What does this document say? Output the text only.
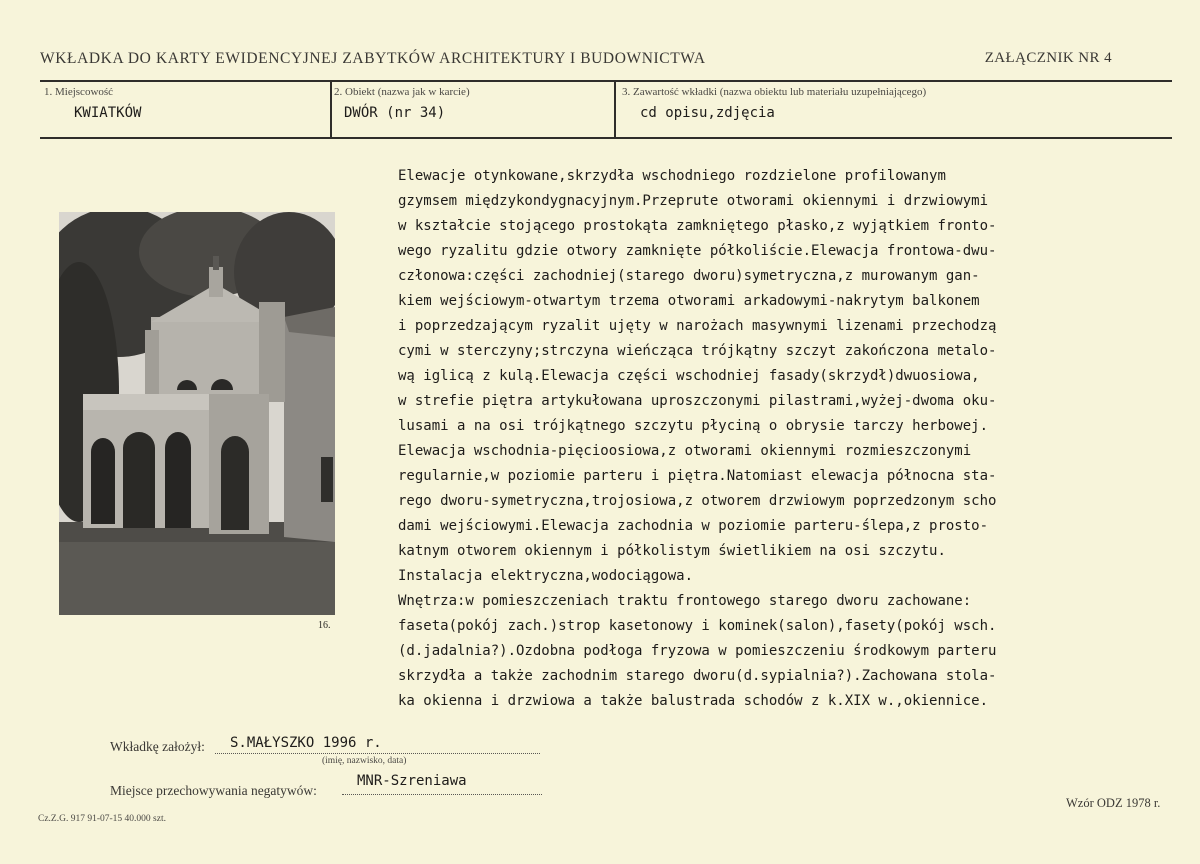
WKŁADKA DO KARTY EWIDENCYJNEJ ZABYTKÓW ARCHITEKTURY I BUDOWNICTWA	ZAŁĄCZNIK NR 4
1. Miejscowość
KWIATKÓW
2. Obiekt (nazwa jak w karcie)
DWÓR (nr 34)
3. Zawartość wkładki (nazwa obiektu lub materiału uzupełniającego)
cd opisu,zdjęcia
16.
Elewacje otynkowane,skrzydła wschodniego rozdzielone profilowanym
gzymsem międzykondygnacyjnym.Przeprute otworami okiennymi i drzwiowymi
w kształcie stojącego prostokąta zamkniętego płasko,z wyjątkiem fronto-
wego ryzalitu gdzie otwory zamknięte półkoliście.Elewacja frontowa-dwu-
członowa:części zachodniej(starego dworu)symetryczna,z murowanym gan-
kiem wejściowym-otwartym trzema otworami arkadowymi-nakrytym balkonem
i poprzedzającym ryzalit ujęty w narożach masywnymi lizenami przechodzą
cymi w sterczyny;strczyna wieńcząca trójkątny szczyt zakończona metalo-
wą iglicą z kulą.Elewacja części wschodniej fasady(skrzydł)dwuosiowa,
w strefie piętra artykułowana uproszczonymi pilastrami,wyżej-dwoma oku-
lusami a na osi trójkątnego szczytu płyciną o obrysie tarczy herbowej.
Elewacja wschodnia-pięcioosiowa,z otworami okiennymi rozmieszczonymi
regularnie,w poziomie parteru i piętra.Natomiast elewacja północna sta-
rego dworu-symetryczna,trojosiowa,z otworem drzwiowym poprzedzonym scho
dami wejściowymi.Elewacja zachodnia w poziomie parteru-ślepa,z prosto-
katnym otworem okiennym i półkolistym świetlikiem na osi szczytu.
Instalacja elektryczna,wodociągowa.
Wnętrza:w pomieszczeniach traktu frontowego starego dworu zachowane:
faseta(pokój zach.)strop kasetonowy i kominek(salon),fasety(pokój wsch.
(d.jadalnia?).Ozdobna podłoga fryzowa w pomieszczeniu środkowym parteru
skrzydła a także zachodnim starego dworu(d.sypialnia?).Zachowana stola-
ka okienna i drzwiowa a także balustrada schodów z k.XIX w.,okiennice.
Wkładkę założył: S.MAŁYSZKO 1996 r.
(imię, nazwisko, data)
Miejsce przechowywania negatywów:
MNR-Szreniawa
Cz.Z.G. 917 91-07-15 40.000 szt.
Wzór ODZ 1978 r.
